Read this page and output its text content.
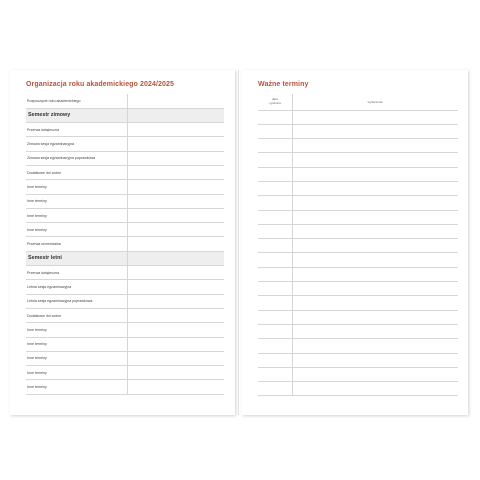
Organizacja roku akademickiego 2024/2025
Rozpoczęcie roku akademickiego	
Semestr zimowy	
Przerwa świąteczna	
Zimowa sesja egzaminacyjna	
Zimowa sesja egzaminacyjna poprawkowa	
Dodatkowe dni wolne	
Inne terminy	
Inne terminy	
Inne terminy	
Inne terminy	
Przerwa semestralna	
Semestr letni	
Przerwa świąteczna	
Letnia sesja egzaminacyjna	
Letnia sesja egzaminacyjna poprawkowa	
Dodatkowe dni wolne	
Inne terminy	
Inne terminy	
Inne terminy	
Inne terminy	
Inne terminy	
Ważne terminy
data
/ godzina	wydarzenie
